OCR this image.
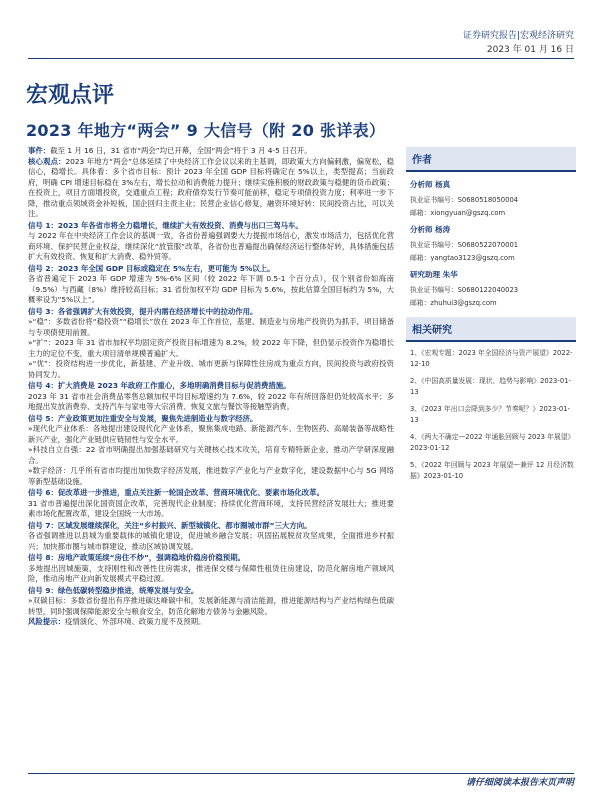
证券研究报告|宏观经济研究
2023 年 01 月 16 日
宏观点评
2023 年地方“两会” 9 大信号（附 20 张详表）

事件：截至 1 月 16 日，31 省市“两会”均已开幕，全国“两会”将于 3 月 4-5 日召开。

核心观点：2023 年地方“两会”总体延续了中央经济工作会议以来的主基调，即政策大方向偏刺激，偏宽松，稳信心，稳增长。具体看：多个省市目标：预计 2023 年全国 GDP 目标将确定在 5%以上，类型提高；当前政府，明确 CPI 增速目标稳在 3%左右，增长拉动和消费能力提升；继续实施积极的财政政策与稳健的货币政策；在投资上，项目方面增投资，交通重点工程；政府债券发行节奏可能前移，稳定专项债投资力度；利率进一步下降，推动重点领域资金补短板，国企回归主责主业；民营企业信心修复，融资环境好转：民间投资占比，可以关注。

信号 1：2023 年各省市将全力稳增长，继续扩大有效投资、消费与出口三驾马车。
与 2022 年在中央经济工作会议的基调一致，各省份普遍强调要大力提振市场信心，激发市场活力，包括优化营商环境、保护民营企业权益，继续深化“放管服”改革，各省份也普遍提出确保经济运行整体好转，具体措施包括扩大有效投资、恢复和扩大消费、稳外贸等。

信号 2：2023 年全国 GDP 目标或稳定在 5%左右，更可能为 5%以上。
各省普遍定下 2023 年 GDP 增速为 5%-6% 区间（较 2022 年下调 0.5-1 个百分点），仅个别省份如海南（9.5%）与西藏（8%）维持较高目标；31 省份加权平均 GDP 目标为 5.6%，按此估算全国目标约为 5%，大概率设为“5%以上”。

信号 3：各省强调扩大有效投资，提升内需在经济增长中的拉动作用。
»“稳”：多数省份将“稳投资”“稳增长”放在 2023 年工作首位，基建、制造业与房地产投资仍为抓手，项目储备与专项债使用前置。
»“扩”：2023 年 31 省市加权平均固定资产投资目标增速为 8.2%，较 2022 年下降，但仍显示投资作为稳增长主力的定位不变，重大项目清单规模普遍扩大。
»“优”：投资结构进一步优化，新基建、产业升级、城市更新与保障性住房成为重点方向，民间投资与政府投资协同发力。

信号 4：扩大消费是 2023 年政府工作重心，多地明确消费目标与促消费措施。
2023 年 31 省市社会消费品零售总额加权平均目标增速约为 7.6%，较 2022 年有所回落但仍处较高水平；多地提出发放消费券、支持汽车与家电等大宗消费、恢复文旅与餐饮等接触型消费。

信号 5：产业政策更加注重安全与发展，聚焦先进制造业与数字经济。
»现代化产业体系：各地提出建设现代化产业体系，聚焦集成电路、新能源汽车、生物医药、高端装备等战略性新兴产业，强化产业链供应链韧性与安全水平。
»科技自立自强：22 省市明确提出加强基础研究与关键核心技术攻关，培育专精特新企业，推动产学研深度融合。
»数字经济：几乎所有省市均提出加快数字经济发展，推进数字产业化与产业数字化，建设数据中心与 5G 网络等新型基础设施。

信号 6：促改革进一步推进，重点关注新一轮国企改革、营商环境优化、要素市场化改革。
31 省市普遍提出深化国资国企改革，完善现代企业制度；持续优化营商环境，支持民营经济发展壮大；推进要素市场化配置改革，建设全国统一大市场。

信号 7：区域发展继续深化，关注“乡村振兴、新型城镇化、都市圈城市群”三大方向。
各省强调推进以县城为重要载体的城镇化建设，促进城乡融合发展；巩固拓展脱贫攻坚成果，全面推进乡村振兴；加快都市圈与城市群建设，推动区域协调发展。

信号 8：房地产政策延续“房住不炒”，强调稳地价稳房价稳预期。
多地提出因城施策，支持刚性和改善性住房需求，推进保交楼与保障性租赁住房建设，防范化解房地产领域风险，推动房地产业向新发展模式平稳过渡。

信号 9：绿色低碳转型稳步推进，统筹发展与安全。
»双碳目标：多数省份提出有序推进碳达峰碳中和，发展新能源与清洁能源，推进能源结构与产业结构绿色低碳转型，同时强调保障能源安全与粮食安全，防范化解地方债务与金融风险。

风险提示：疫情演化、外部环境、政策力度不及预期。

作者
分析师 杨真
执业证书编号：S0680518050004
邮箱：xiongyuan@gszq.com
分析师 杨涛
执业证书编号：S0680522070001
邮箱：yangtao3123@gszq.com
研究助理 朱华
执业证书编号：S0680122040023
邮箱：zhuhui3@gszq.com
相关研究
1、《宏观专题：2023 年全国经济与资产展望》2022-12-10
2、《中国高质量发展：现状、趋势与影响》2023-01-13
3、《2023 年出口会降到多少？节奏呢？》2023-01-13
4、《两大不确定—2022 年通胀回顾与 2023 年展望》2023-01-12
5、《2022 年回顾与 2023 年展望—兼评 12 月经济数据》2023-01-10
请仔细阅读本报告末页声明
